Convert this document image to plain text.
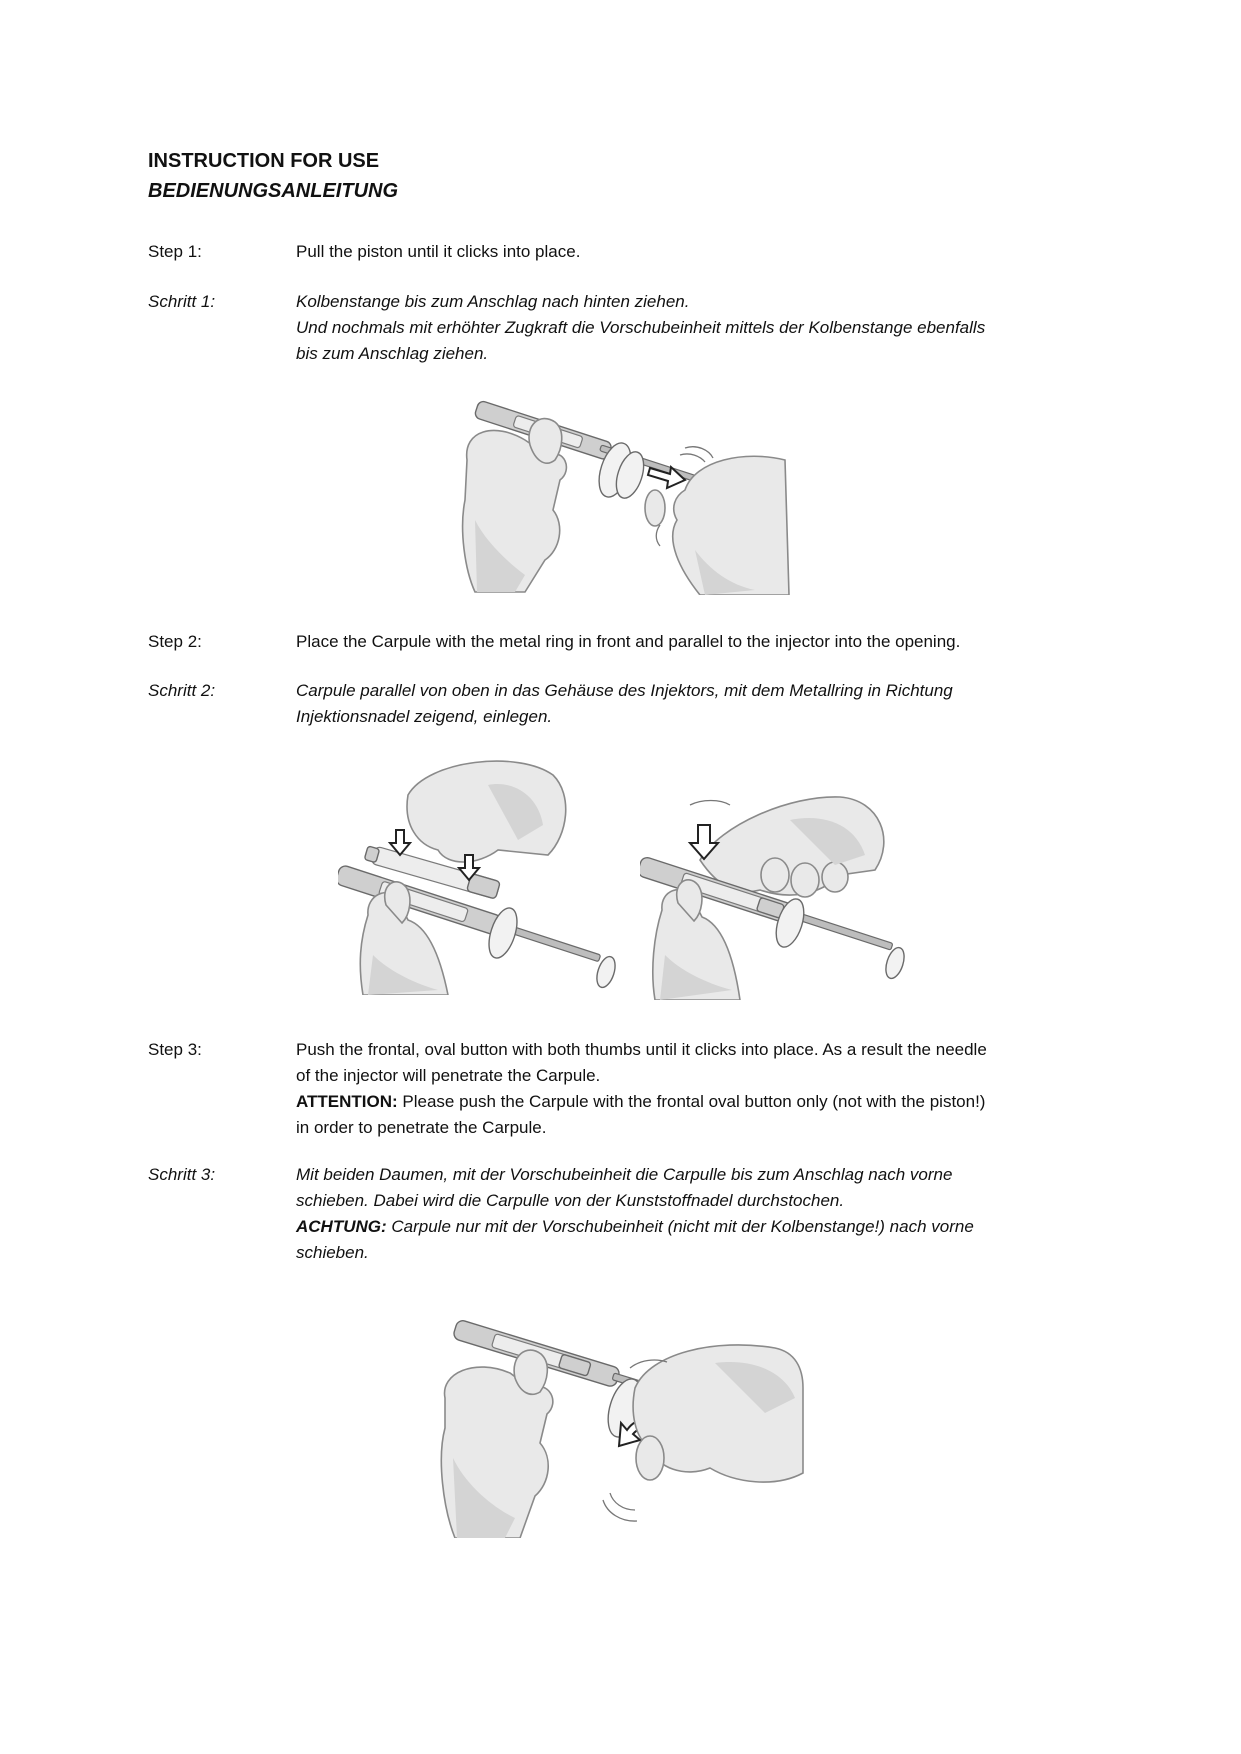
INSTRUCTION FOR USE
BEDIENUNGSANLEITUNG
Step 1:	Pull the piston until it clicks into place.
Schritt 1:	Kolbenstange bis zum Anschlag nach hinten ziehen.

Und nochmals mit erhöhter Zugkraft die Vorschubeinheit mittels der Kolbenstange ebenfalls

bis zum Anschlag ziehen.

Step 2:	Place the Carpule with the metal ring in front and parallel to the injector into the opening.
Schritt 2:	Carpule parallel von oben in das Gehäuse des Injektors, mit dem Metallring in Richtung

Injektionsnadel zeigend, einlegen.

Step 3:	Push the frontal, oval button with both thumbs until it clicks into place. As a result the needle

of the injector will penetrate the Carpule.

ATTENTION: Please push the Carpule with the frontal oval button only (not with the piston!)

in order to penetrate the Carpule.

Schritt 3:	Mit beiden Daumen, mit der Vorschubeinheit die Carpulle bis zum Anschlag nach vorne

schieben. Dabei wird die Carpulle von der Kunststoffnadel durchstochen.

ACHTUNG: Carpule nur mit der Vorschubeinheit (nicht mit der Kolbenstange!) nach vorne

schieben.
